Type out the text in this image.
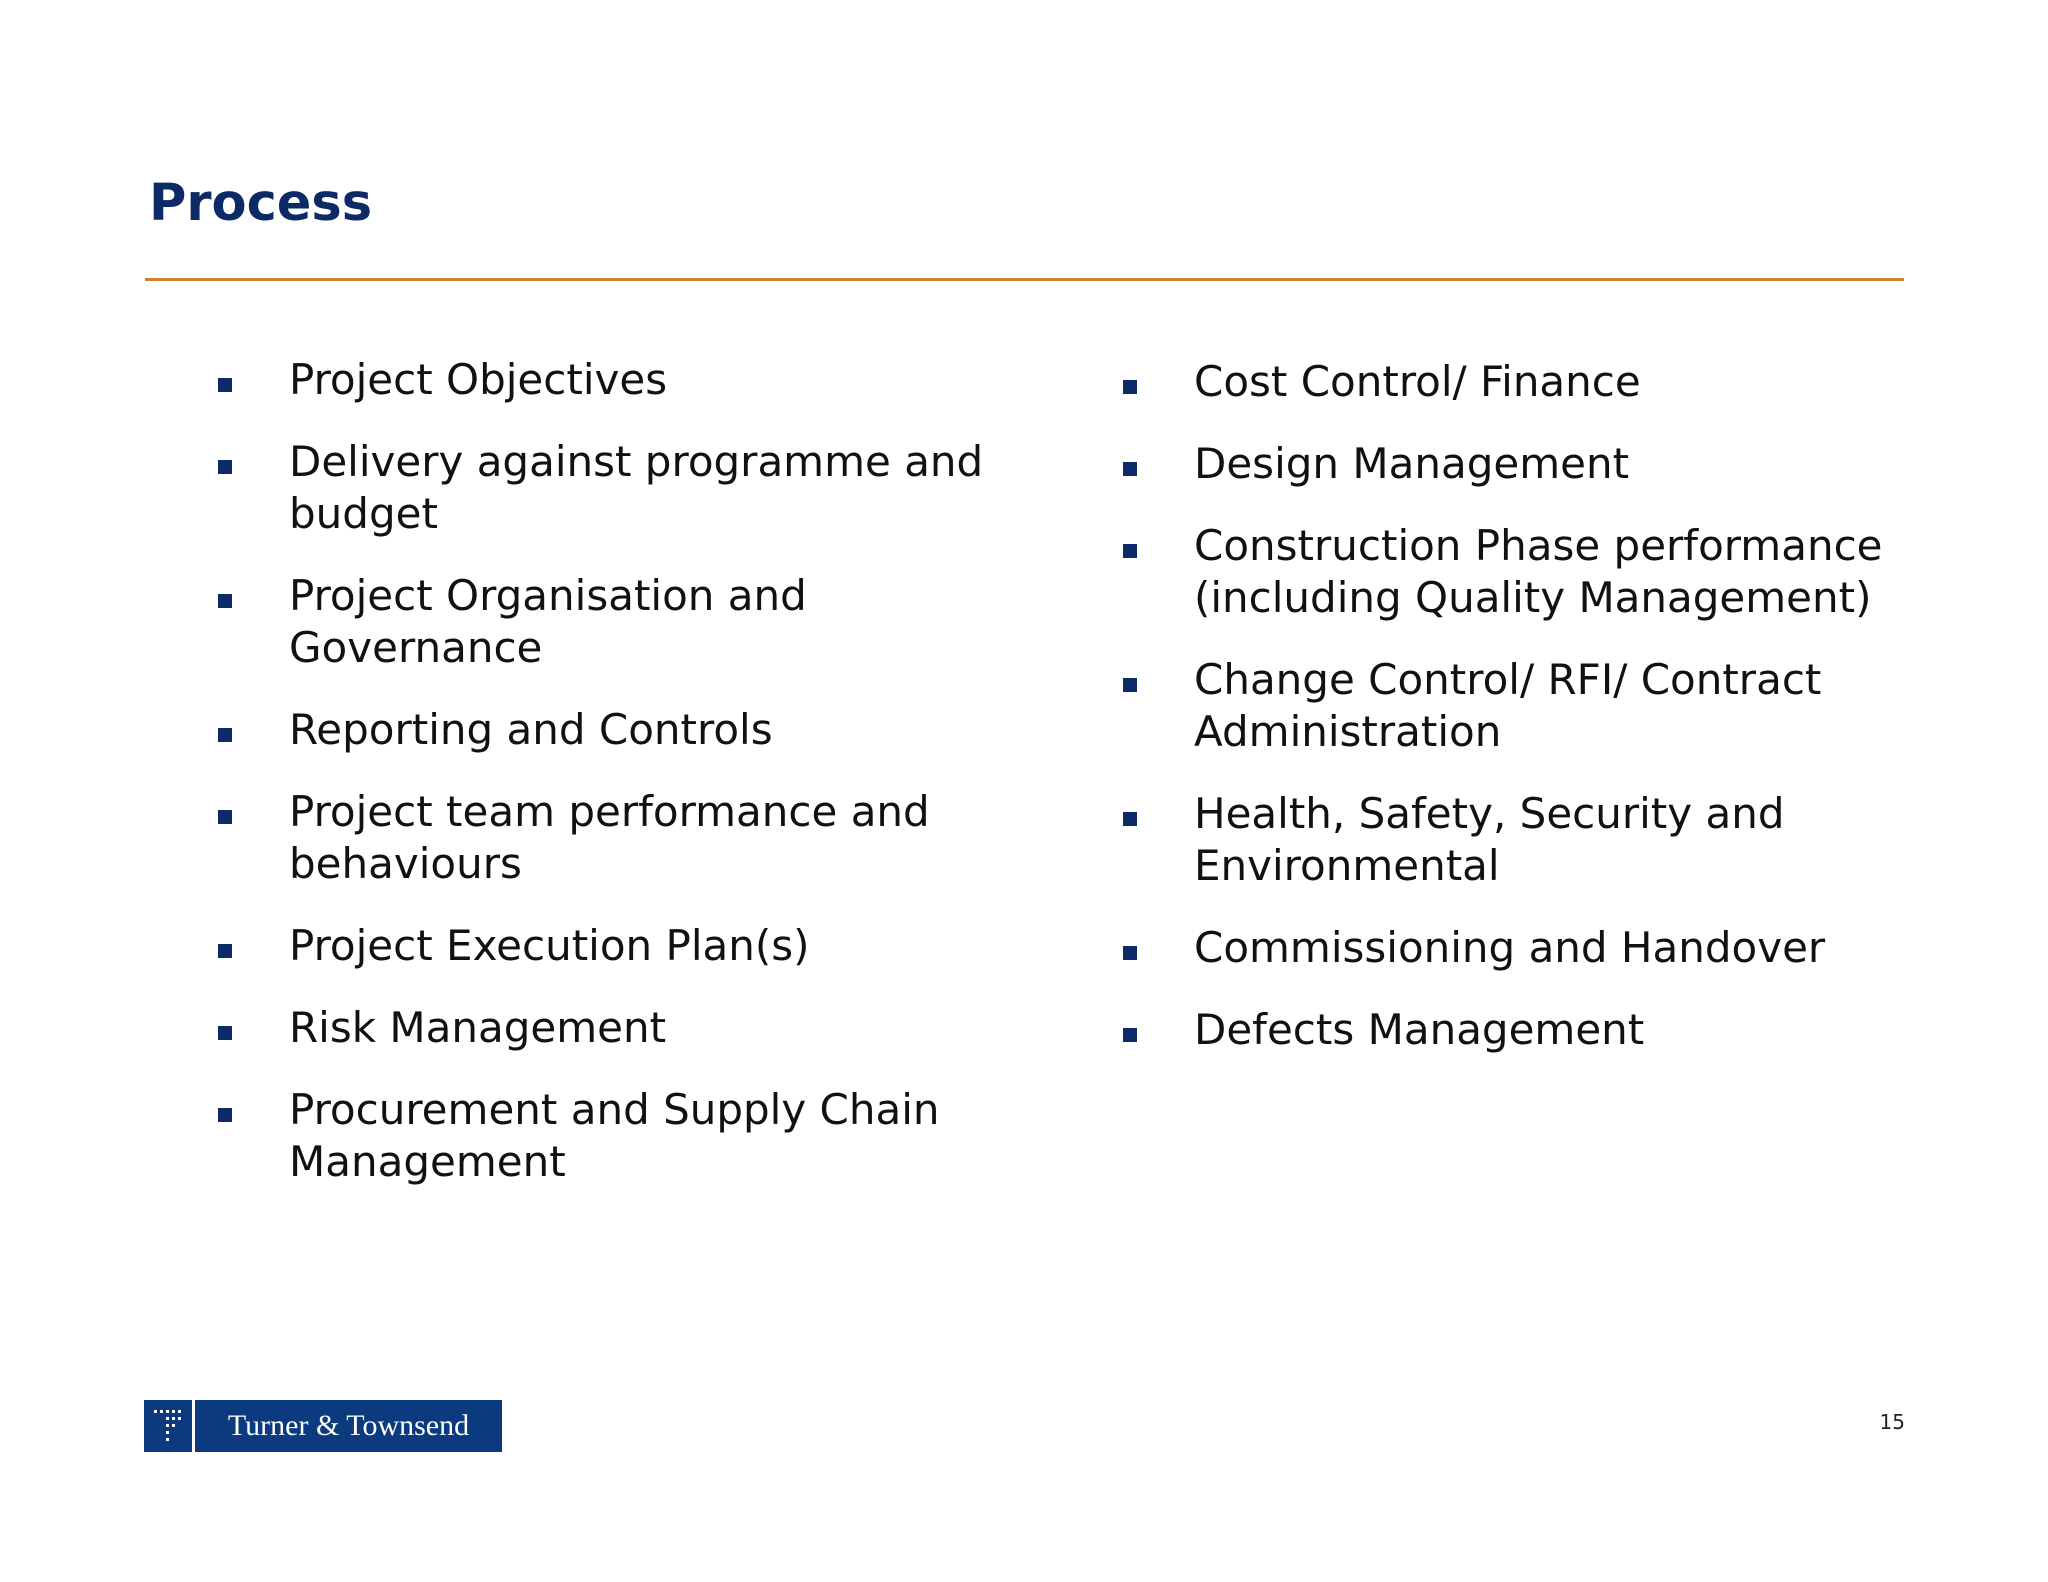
Process
Project Objectives
Delivery against programme and budget
Project Organisation and Governance
Reporting and Controls
Project team performance and behaviours
Project Execution Plan(s)
Risk Management
Procurement and Supply Chain Management
Cost Control/ Finance
Design Management
Construction Phase performance (including Quality Management)
Change Control/ RFI/ Contract Administration
Health, Safety, Security and Environmental
Commissioning and Handover
Defects Management
Turner & Townsend	15
